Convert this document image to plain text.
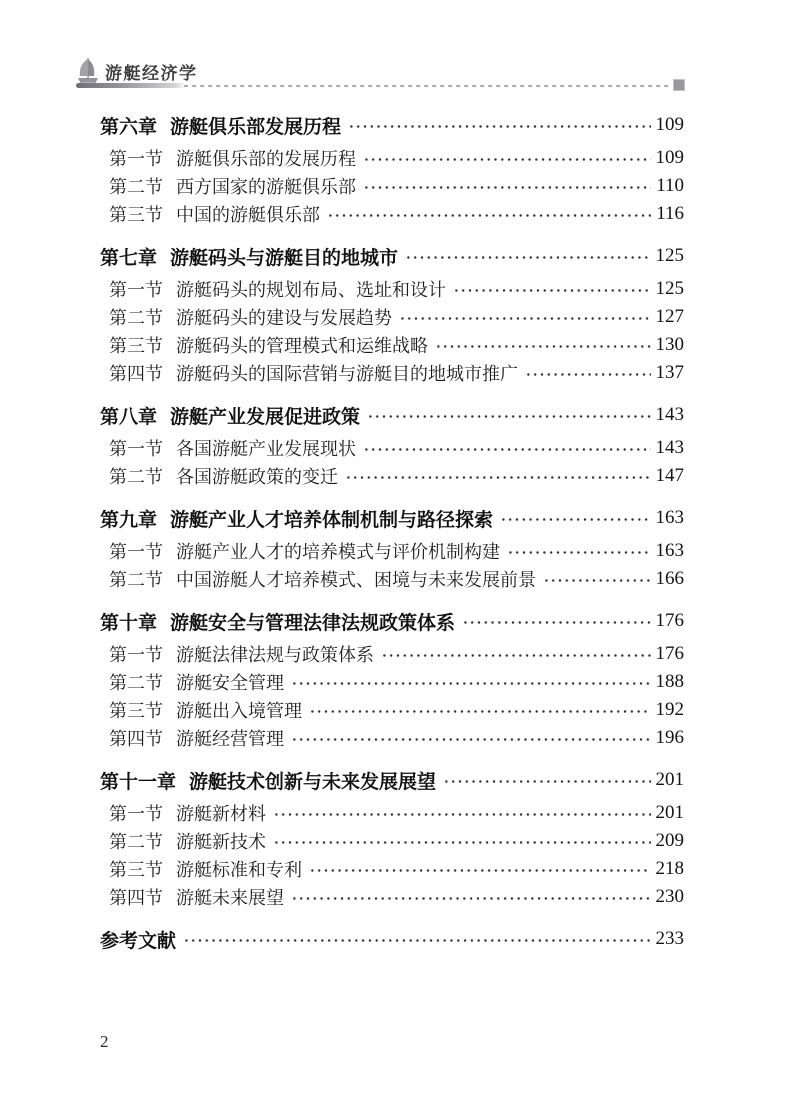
游艇经济学
第六章 游艇俱乐部发展历程	109
第一节 游艇俱乐部的发展历程	109
第二节 西方国家的游艇俱乐部	110
第三节 中国的游艇俱乐部	116
第七章 游艇码头与游艇目的地城市	125
第一节 游艇码头的规划布局、选址和设计	125
第二节 游艇码头的建设与发展趋势	127
第三节 游艇码头的管理模式和运维战略	130
第四节 游艇码头的国际营销与游艇目的地城市推广	137
第八章 游艇产业发展促进政策	143
第一节 各国游艇产业发展现状	143
第二节 各国游艇政策的变迁	147
第九章 游艇产业人才培养体制机制与路径探索	163
第一节 游艇产业人才的培养模式与评价机制构建	163
第二节 中国游艇人才培养模式、困境与未来发展前景	166
第十章 游艇安全与管理法律法规政策体系	176
第一节 游艇法律法规与政策体系	176
第二节 游艇安全管理	188
第三节 游艇出入境管理	192
第四节 游艇经营管理	196
第十一章 游艇技术创新与未来发展展望	201
第一节 游艇新材料	201
第二节 游艇新技术	209
第三节 游艇标准和专利	218
第四节 游艇未来展望	230
参考文献	233
2
